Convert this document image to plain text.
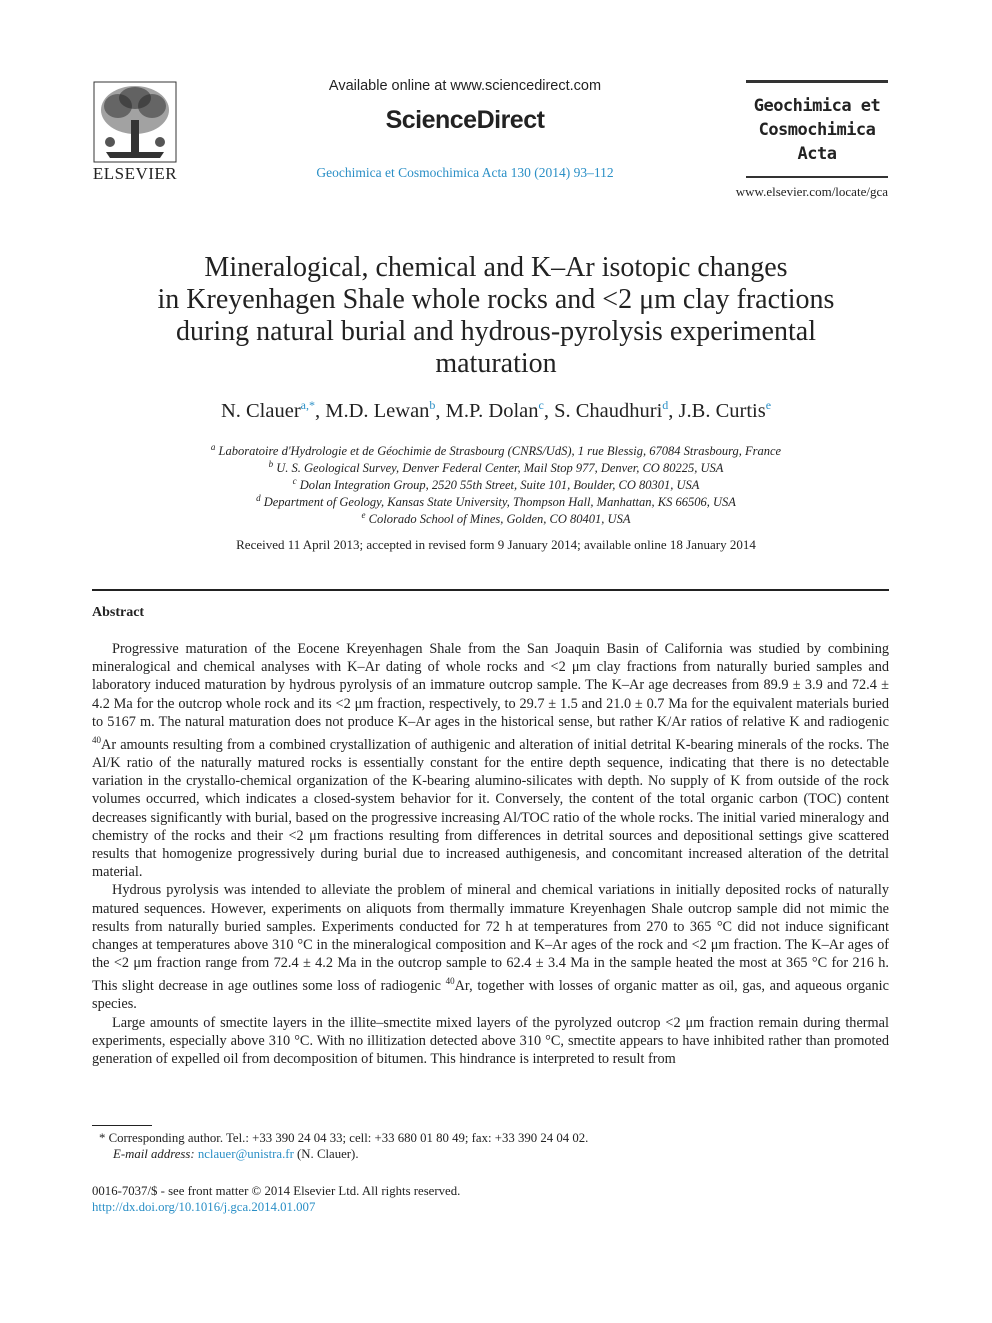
ELSEVIER
Available online at www.sciencedirect.com
ScienceDirect
Geochimica et Cosmochimica Acta 130 (2014) 93–112
Geochimica et
Cosmochimica
Acta
www.elsevier.com/locate/gca
Mineralogical, chemical and K–Ar isotopic changes
in Kreyenhagen Shale whole rocks and <2 μm clay fractions
during natural burial and hydrous-pyrolysis experimental
maturation
N. Clauer$^{a,*}$, M.D. Lewan$^b$, M.P. Dolan$^c$, S. Chaudhuri$^d$, J.B. Curtis$^e$
$^a$ Laboratoire d'Hydrologie et de Géochimie de Strasbourg (CNRS/UdS), 1 rue Blessig, 67084 Strasbourg, France
$^b$ U. S. Geological Survey, Denver Federal Center, Mail Stop 977, Denver, CO 80225, USA
$^c$ Dolan Integration Group, 2520 55th Street, Suite 101, Boulder, CO 80301, USA
$^d$ Department of Geology, Kansas State University, Thompson Hall, Manhattan, KS 66506, USA
$^e$ Colorado School of Mines, Golden, CO 80401, USA
Received 11 April 2013; accepted in revised form 9 January 2014; available online 18 January 2014
Abstract

Progressive maturation of the Eocene Kreyenhagen Shale from the San Joaquin Basin of California was studied by combining mineralogical and chemical analyses with K–Ar dating of whole rocks and <2 μm clay fractions from naturally buried samples and laboratory induced maturation by hydrous pyrolysis of an immature outcrop sample. The K–Ar age decreases from 89.9 ± 3.9 and 72.4 ± 4.2 Ma for the outcrop whole rock and its <2 μm fraction, respectively, to 29.7 ± 1.5 and 21.0 ± 0.7 Ma for the equivalent materials buried to 5167 m. The natural maturation does not produce K–Ar ages in the historical sense, but rather K/Ar ratios of relative K and radiogenic $^{40}$Ar amounts resulting from a combined crystallization of authigenic and alteration of initial detrital K-bearing minerals of the rocks. The Al/K ratio of the naturally matured rocks is essentially constant for the entire depth sequence, indicating that there is no detectable variation in the crystallo-chemical organization of the K-bearing alumino-silicates with depth. No supply of K from outside of the rock volumes occurred, which indicates a closed-system behavior for it. Conversely, the content of the total organic carbon (TOC) content decreases significantly with burial, based on the progressive increasing Al/TOC ratio of the whole rocks. The initial varied mineralogy and chemistry of the rocks and their <2 μm fractions resulting from differences in detrital sources and depositional settings give scattered results that homogenize progressively during burial due to increased authigenesis, and concomitant increased alteration of the detrital material.

Hydrous pyrolysis was intended to alleviate the problem of mineral and chemical variations in initially deposited rocks of naturally matured sequences. However, experiments on aliquots from thermally immature Kreyenhagen Shale outcrop sample did not mimic the results from naturally buried samples. Experiments conducted for 72 h at temperatures from 270 to 365 °C did not induce significant changes at temperatures above 310 °C in the mineralogical composition and K–Ar ages of the rock and <2 μm fraction. The K–Ar ages of the <2 μm fraction range from 72.4 ± 4.2 Ma in the outcrop sample to 62.4 ± 3.4 Ma in the sample heated the most at 365 °C for 216 h. This slight decrease in age outlines some loss of radiogenic $^{40}$Ar, together with losses of organic matter as oil, gas, and aqueous organic species.

Large amounts of smectite layers in the illite–smectite mixed layers of the pyrolyzed outcrop <2 μm fraction remain during thermal experiments, especially above 310 °C. With no illitization detected above 310 °C, smectite appears to have inhibited rather than promoted generation of expelled oil from decomposition of bitumen. This hindrance is interpreted to result from

* Corresponding author. Tel.: +33 390 24 04 33; cell: +33 680 01 80 49; fax: +33 390 24 04 02.
E-mail address: nclauer@unistra.fr (N. Clauer).
0016-7037/$ - see front matter © 2014 Elsevier Ltd. All rights reserved.
http://dx.doi.org/10.1016/j.gca.2014.01.007
